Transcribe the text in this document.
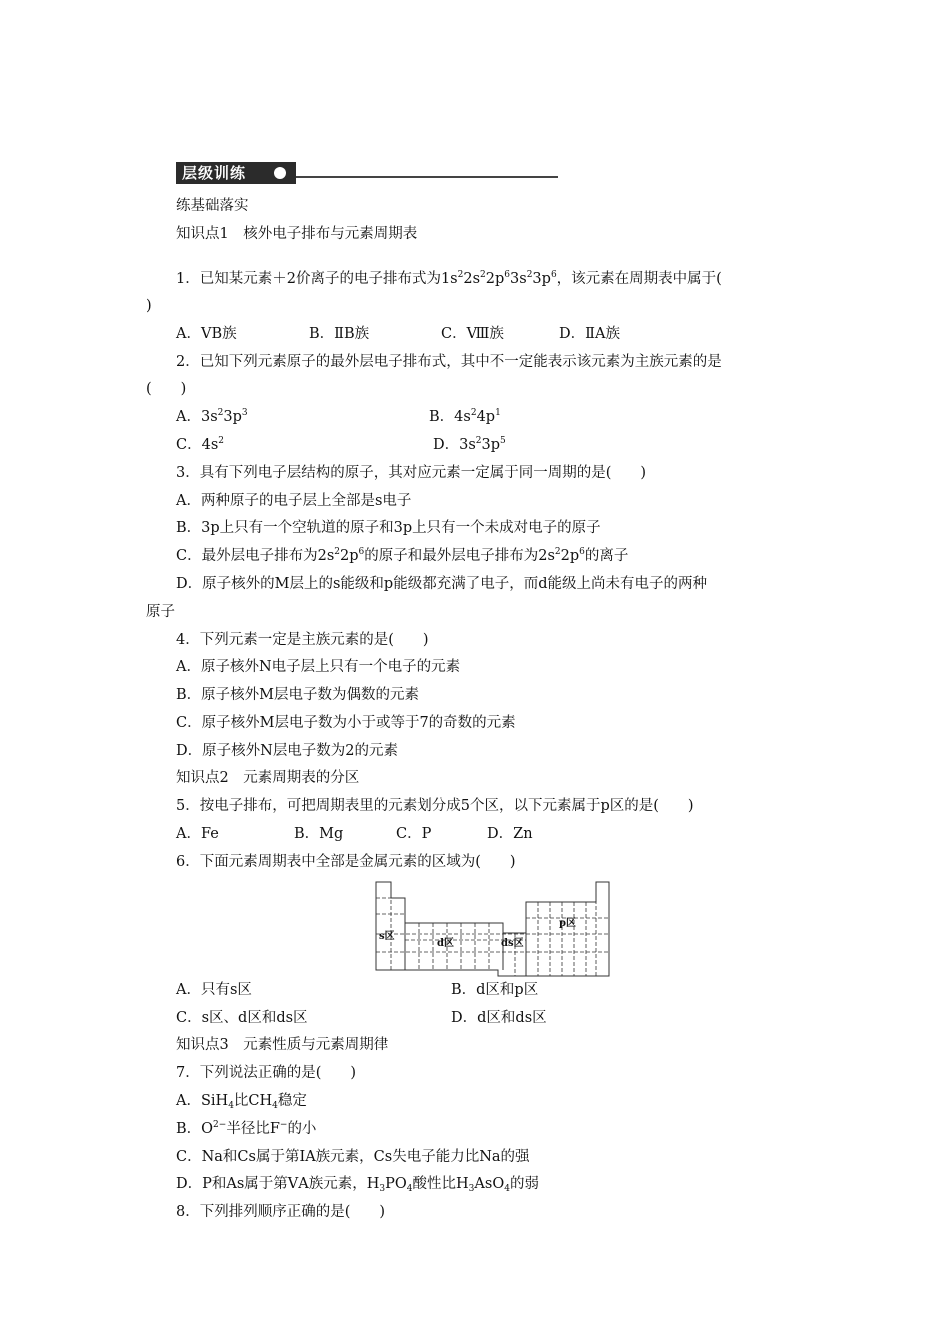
层级训练
练基础落实
知识点1　核外电子排布与元素周期表
1．已知某元素＋2价离子的电子排布式为$1s^22s^22p^63s^23p^6$，该元素在周期表中属于(
)
A．ⅤB族	B．ⅡB族	C．Ⅷ族	D．ⅡA族
2．已知下列元素原子的最外层电子排布式，其中不一定能表示该元素为主族元素的是
(　　)
A．$3s^23p^3$	B．$4s^24p^1$
C．$4s^2$	D．$3s^23p^5$
3．具有下列电子层结构的原子，其对应元素一定属于同一周期的是(　　)
A．两种原子的电子层上全部是s电子
B．3p上只有一个空轨道的原子和3p上只有一个未成对电子的原子
C．最外层电子排布为$2s^22p^6$的原子和最外层电子排布为$2s^22p^6$的离子
D．原子核外的M层上的s能级和p能级都充满了电子，而d能级上尚未有电子的两种
原子
4．下列元素一定是主族元素的是(　　)
A．原子核外N电子层上只有一个电子的元素
B．原子核外M层电子数为偶数的元素
C．原子核外M层电子数为小于或等于7的奇数的元素
D．原子核外N层电子数为2的元素
知识点2　元素周期表的分区
5．按电子排布，可把周期表里的元素划分成5个区，以下元素属于p区的是(　　)
A．Fe	B．Mg	C．P	D．Zn
6．下面元素周期表中全部是金属元素的区域为(　　)
s区
d区	ds区
p区
A．只有s区	B．d区和p区
C．s区、d区和ds区	D．d区和ds区
知识点3　元素性质与元素周期律
7．下列说法正确的是(　　)
A．SiH$_4$比$CH_4$稳定
B．$O^{2-}$半径比F−的小
C．Na和Cs属于第ⅠA族元素，Cs失电子能力比Na的强
D．P和As属于第ⅤA族元素，$H_3PO_4$酸性比$H_3AsO_4$的弱
8．下列排列顺序正确的是(　　)
